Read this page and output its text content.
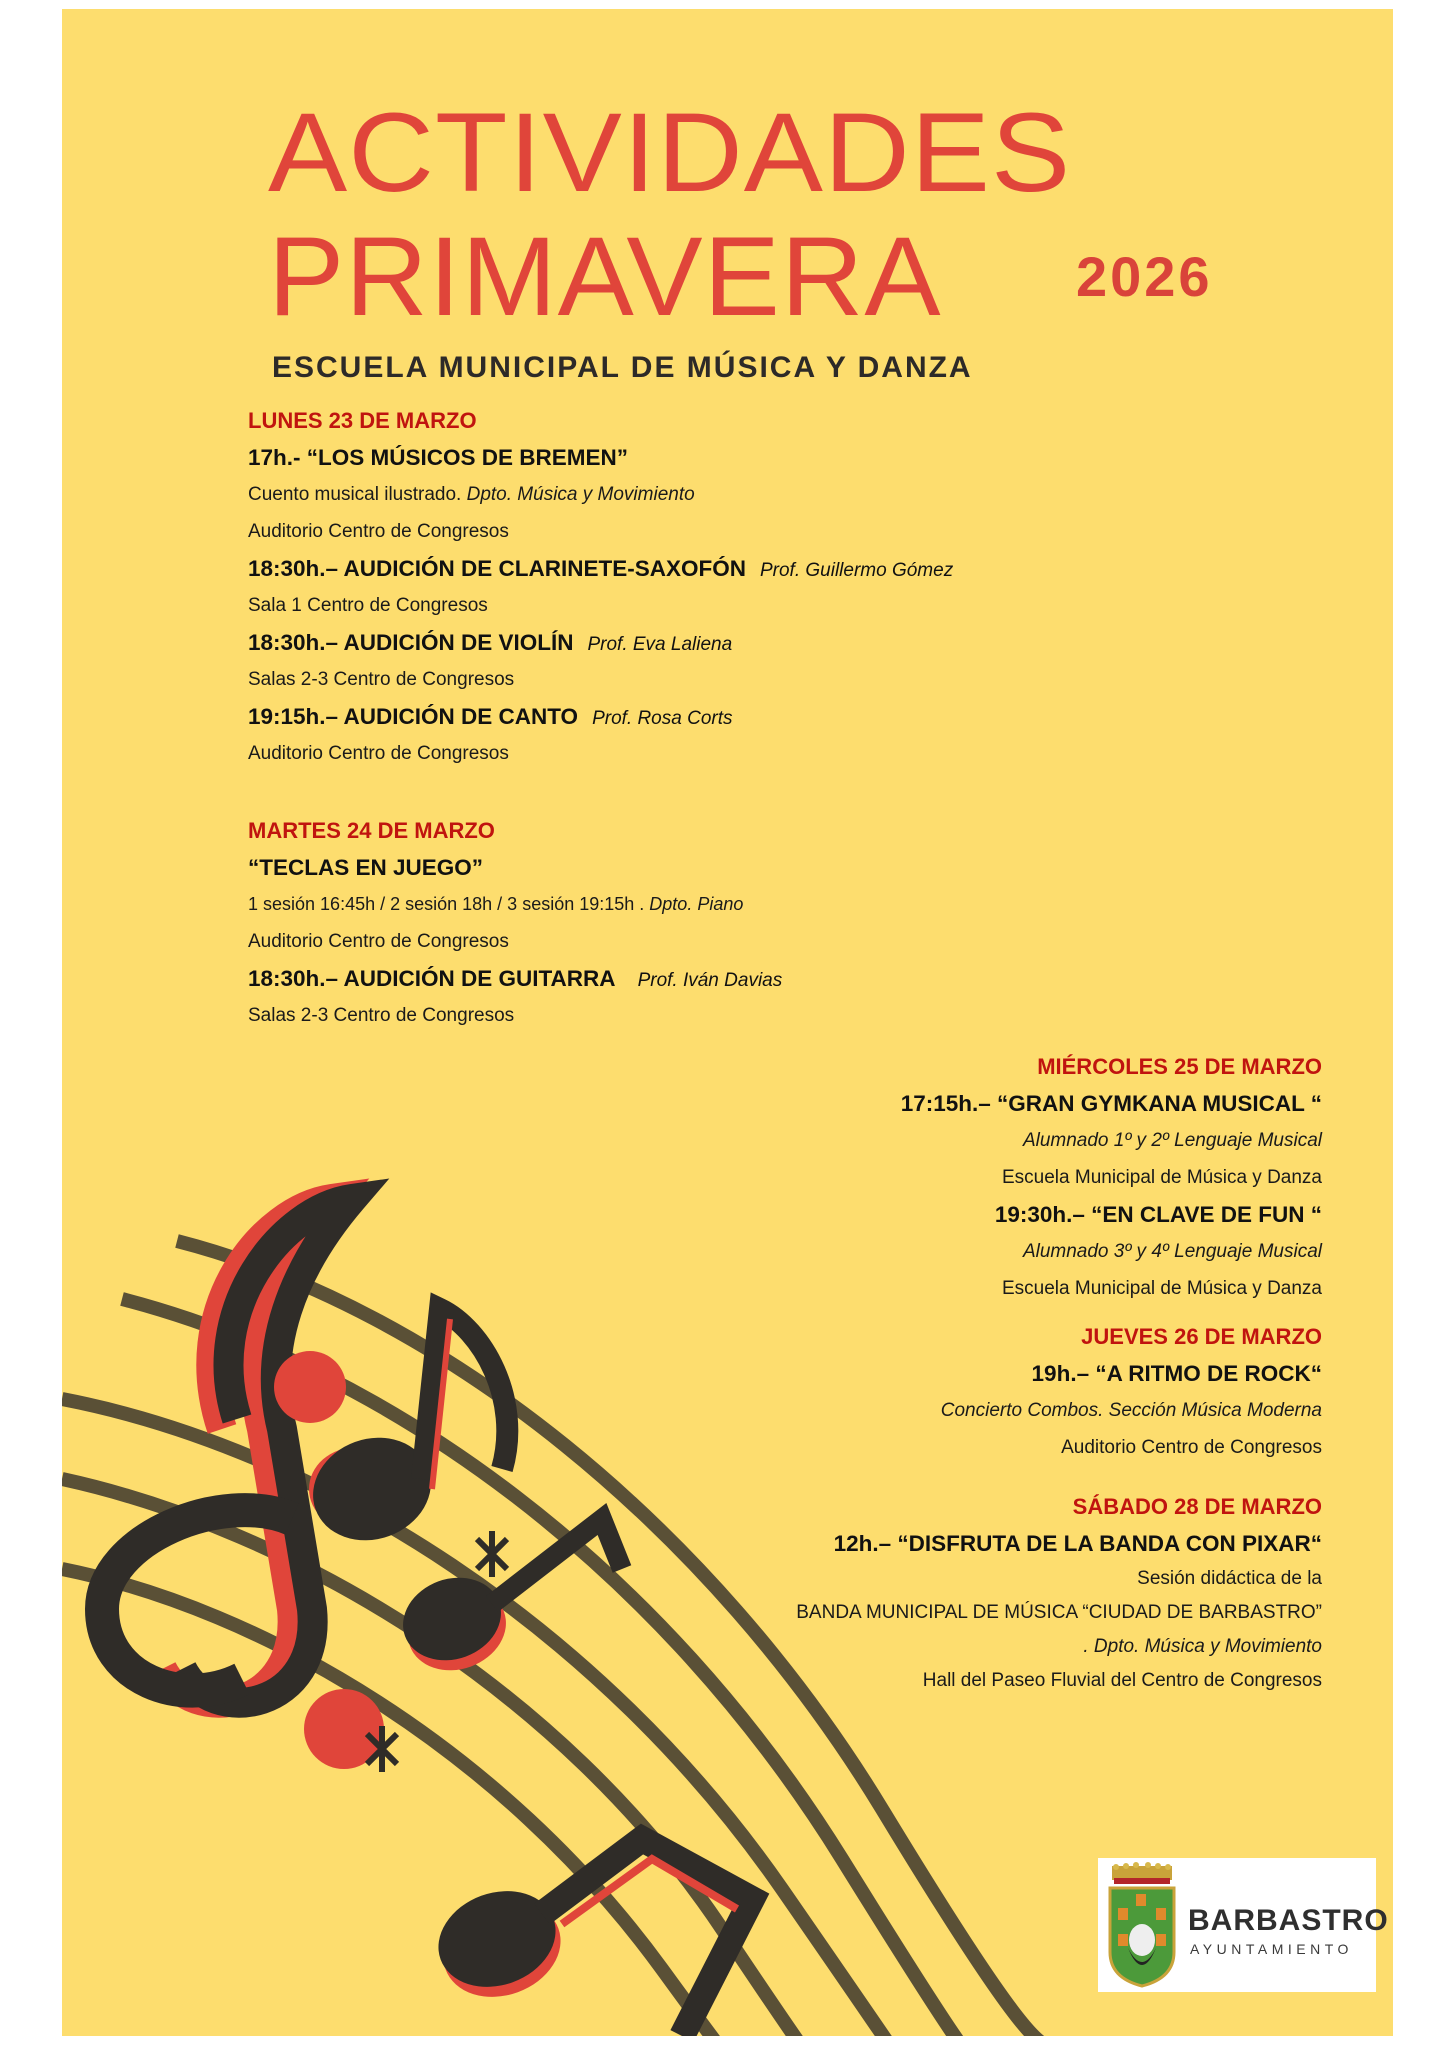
ACTIVIDADES
PRIMAVERA 2026
ESCUELA MUNICIPAL DE MÚSICA Y DANZA
LUNES 23 DE MARZO
17h.- “LOS MÚSICOS DE BREMEN”
Cuento musical ilustrado. Dpto. Música y Movimiento
Auditorio Centro de Congresos
18:30h.– AUDICIÓN DE CLARINETE-SAXOFÓN Prof. Guillermo Gómez
Sala 1 Centro de Congresos
18:30h.– AUDICIÓN DE VIOLÍN Prof. Eva Laliena
Salas 2-3 Centro de Congresos
19:15h.– AUDICIÓN DE CANTO Prof. Rosa Corts
Auditorio Centro de Congresos
MARTES 24 DE MARZO
“TECLAS EN JUEGO”
1 sesión 16:45h / 2 sesión 18h / 3 sesión 19:15h . Dpto. Piano
Auditorio Centro de Congresos
18:30h.– AUDICIÓN DE GUITARRA Prof. Iván Davias
Salas 2-3 Centro de Congresos
MIÉRCOLES 25 DE MARZO
17:15h.– “GRAN GYMKANA MUSICAL “
Alumnado 1º y 2º Lenguaje Musical
Escuela Municipal de Música y Danza
19:30h.– “EN CLAVE DE FUN “
Alumnado 3º y 4º Lenguaje Musical
Escuela Municipal de Música y Danza
JUEVES 26 DE MARZO
19h.– “A RITMO DE ROCK“
Concierto Combos. Sección Música Moderna
Auditorio Centro de Congresos
SÁBADO 28 DE MARZO
12h.– “DISFRUTA DE LA BANDA CON PIXAR“
Sesión didáctica de la
BANDA MUNICIPAL DE MÚSICA “CIUDAD DE BARBASTRO”
. Dpto. Música y Movimiento
Hall del Paseo Fluvial del Centro de Congresos
BARBASTRO
AYUNTAMIENTO
